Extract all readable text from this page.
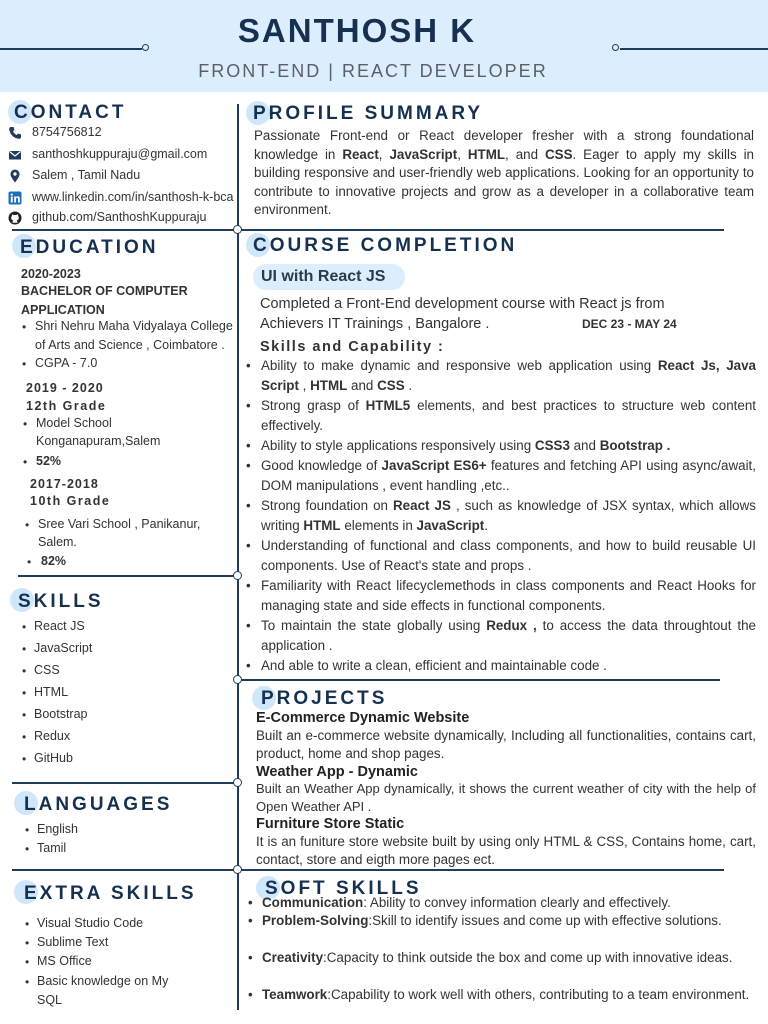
SANTHOSH K
FRONT-END | REACT DEVELOPER
CONTACT
8754756812
santhoshkuppuraju@gmail.com
Salem , Tamil Nadu
www.linkedin.com/in/santhosh-k-bca
github.com/SanthoshKuppuraju
EDUCATION
2020-2023
BACHELOR OF COMPUTER
APPLICATION
• Shri Nehru Maha Vidyalaya College
of Arts and Science , Coimbatore .
• CGPA - 7.0
2019 - 2020
12th Grade
• Model School
Konganapuram,Salem
• 52%
2017-2018
10th Grade
• Sree Vari School , Panikanur,
Salem.
• 82%
SKILLS
• React JS
• JavaScript
• CSS
• HTML
• Bootstrap
• Redux
• GitHub
LANGUAGES
• English
• Tamil
EXTRA SKILLS
• Visual Studio Code
• Sublime Text
• MS Office
• Basic knowledge on My
SQL
PROFILE SUMMARY
Passionate Front-end or React developer fresher with a strong foundational knowledge in React, JavaScript, HTML, and CSS. Eager to apply my skills in building responsive and user-friendly web applications. Looking for an opportunity to contribute to innovative projects and grow as a developer in a collaborative team environment.
COURSE COMPLETION
UI with React JS
Completed a Front-End development course with React js from
Achievers IT Trainings , Bangalore .	DEC 23 - MAY 24
Skills and Capability :
• Ability to make dynamic and responsive web application using React Js, Java Script , HTML and CSS .
• Strong grasp of HTML5 elements, and best practices to structure web content effectively.
• Ability to style applications responsively using CSS3 and Bootstrap .
• Good knowledge of JavaScript ES6+ features and fetching API using async/await, DOM manipulations , event handling ,etc..
• Strong foundation on React JS , such as knowledge of JSX syntax, which allows writing HTML elements in JavaScript.
• Understanding of functional and class components, and how to build reusable UI components. Use of React's state and props .
• Familiarity with React lifecyclemethods in class components and React Hooks for managing state and side effects in functional components.
• To maintain the state globally using Redux , to access the data throughtout the application .
• And able to write a clean, efficient and maintainable code .
PROJECTS
E-Commerce Dynamic Website
Built an e-commerce website dynamically, Including all functionalities, contains cart, product, home and shop pages.
Weather App - Dynamic
Built an Weather App dynamically, it shows the current weather of city with the help of Open Weather API .
Furniture Store Static
It is an funiture store website built by using only HTML & CSS, Contains home, cart, contact, store and eigth more pages ect.
SOFT SKILLS
• Communication: Ability to convey information clearly and effectively.
• Problem-Solving:Skill to identify issues and come up with effective solutions.
• Creativity:Capacity to think outside the box and come up with innovative ideas.
• Teamwork:Capability to work well with others, contributing to a team environment.
